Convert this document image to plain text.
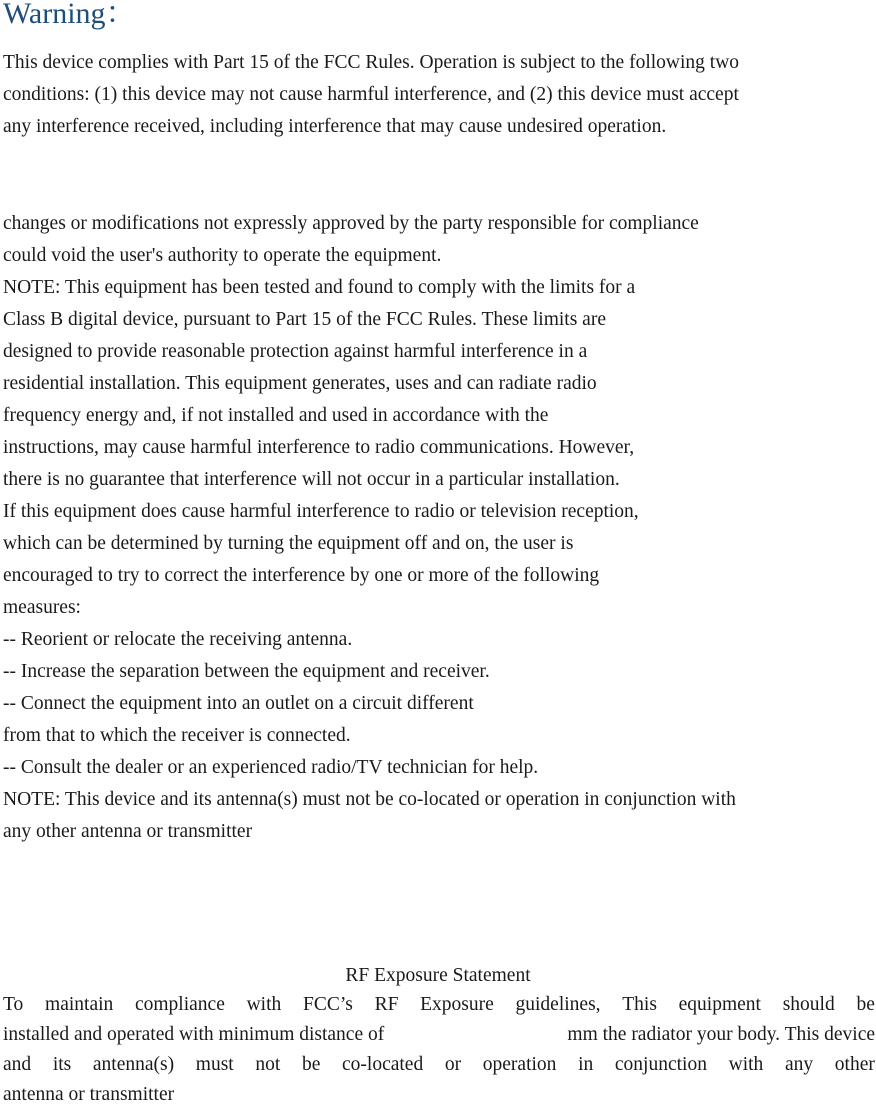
Warning：
This device complies with Part 15 of the FCC Rules. Operation is subject to the following two
conditions: (1) this device may not cause harmful interference, and (2) this device must accept
any interference received, including interference that may cause undesired operation.
changes or modifications not expressly approved by the party responsible for compliance
could void the user's authority to operate the equipment.
NOTE: This equipment has been tested and found to comply with the limits for a
Class B digital device, pursuant to Part 15 of the FCC Rules. These limits are
designed to provide reasonable protection against harmful interference in a
residential installation. This equipment generates, uses and can radiate radio
frequency energy and, if not installed and used in accordance with the
instructions, may cause harmful interference to radio communications. However,
there is no guarantee that interference will not occur in a particular installation.
If this equipment does cause harmful interference to radio or television reception,
which can be determined by turning the equipment off and on, the user is
encouraged to try to correct the interference by one or more of the following
measures:
-- Reorient or relocate the receiving antenna.
-- Increase the separation between the equipment and receiver.
-- Connect the equipment into an outlet on a circuit different
from that to which the receiver is connected.
-- Consult the dealer or an experienced radio/TV technician for help.
NOTE: This device and its antenna(s) must not be co-located or operation in conjunction with
any other antenna or transmitter
RF Exposure Statement
To maintain compliance with FCC’s RF Exposure guidelines, This equipment should be
installed and operated with minimum distance of	mm the radiator your body. This device
and its antenna(s) must not be co-located or operation in conjunction with any other
antenna or transmitter
